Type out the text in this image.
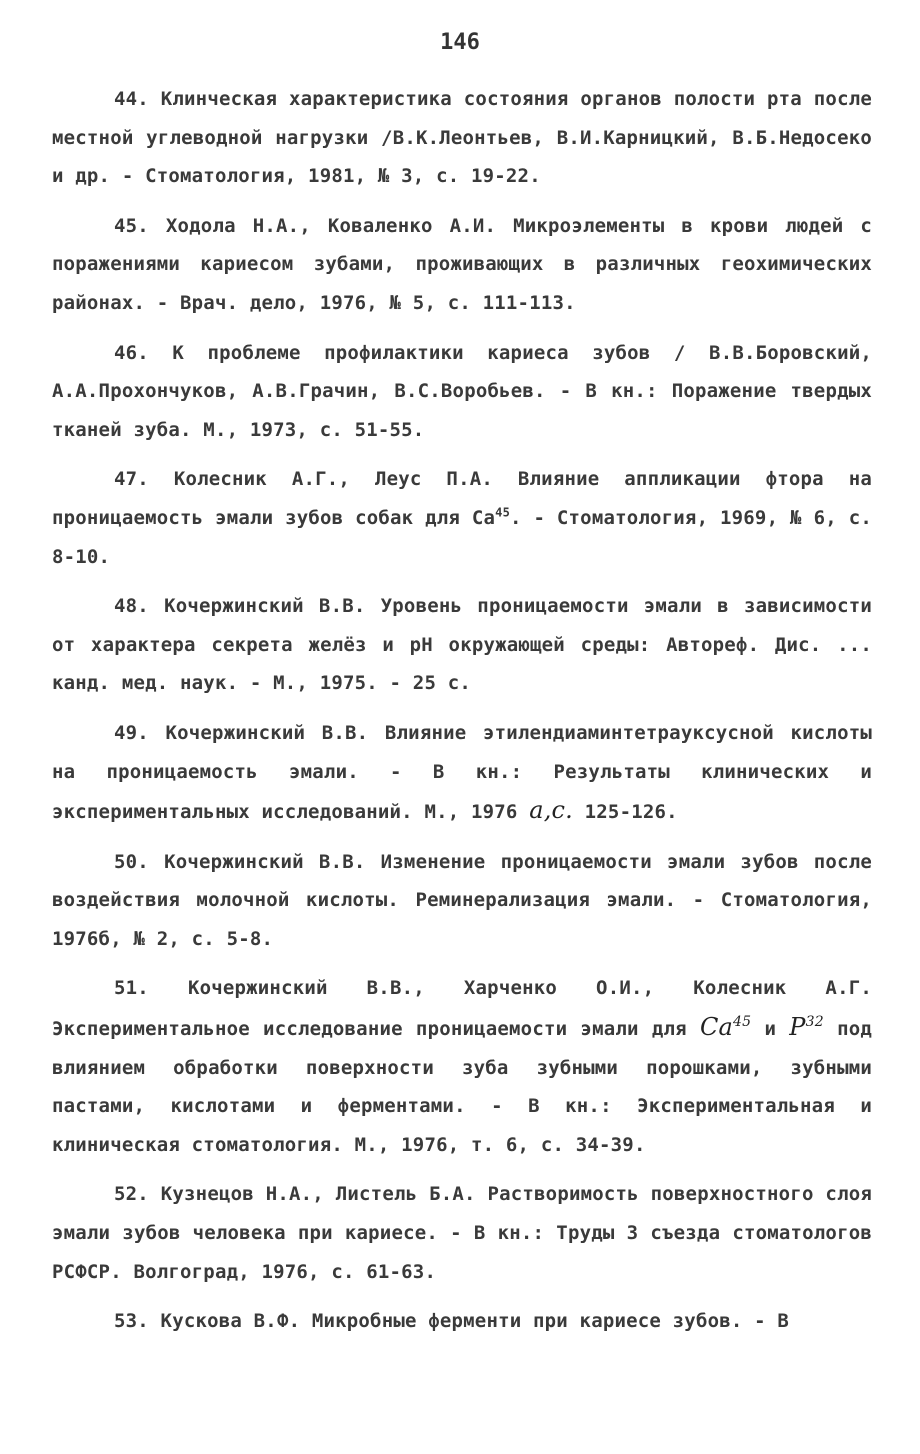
146

44. Клинческая характеристика состояния органов полости рта после местной углеводной нагрузки /В.К.Леонтьев, В.И.Карницкий, В.Б.Недосеко и др. - Стоматология, 1981, № 3, с. 19-22.

45. Ходола Н.А., Коваленко А.И. Микроэлементы в крови людей с поражениями кариесом зубами, проживающих в различных геохимических районах. - Врач. дело, 1976, № 5, с. 111-113.

46. К проблеме профилактики кариеса зубов / В.В.Боровский, А.А.Прохончуков, А.В.Грачин, В.С.Воробьев. - В кн.: Поражение твердых тканей зуба. М., 1973, с. 51-55.

47. Колесник А.Г., Леус П.А. Влияние аппликации фтора на проницаемость эмали зубов собак для Ca$^{45}$. - Стоматология, 1969, № 6, с. 8-10.

48. Кочержинский В.В. Уровень проницаемости эмали в зависимости от характера секрета желёз и pH окружающей среды: Автореф. Дис. ... канд. мед. наук. - М., 1975. - 25 с.

49. Кочержинский В.В. Влияние этилендиаминтетрауксусной кислоты на проницаемость эмали. - В кн.: Результаты клинических и экспериментальных исследований. М., 1976 а,с. 125-126.

50. Кочержинский В.В. Изменение проницаемости эмали зубов после воздействия молочной кислоты. Реминерализация эмали. - Стоматология, 1976б, № 2, с. 5-8.

51. Кочержинский В.В., Харченко О.И., Колесник А.Г. Экспериментальное исследование проницаемости эмали для Ca$^{45}$ и $P^{32}$ под влиянием обработки поверхности зуба зубными порошками, зубными пастами, кислотами и ферментами. - В кн.: Экспериментальная и клиническая стоматология. М., 1976, т. 6, с. 34-39.

52. Кузнецов Н.А., Листель Б.А. Растворимость поверхностного слоя эмали зубов человека при кариесе. - В кн.: Труды 3 съезда стоматологов РСФСР. Волгоград, 1976, с. 61-63.

53. Кускова В.Ф. Микробные ферменти при кариесе зубов. - В
